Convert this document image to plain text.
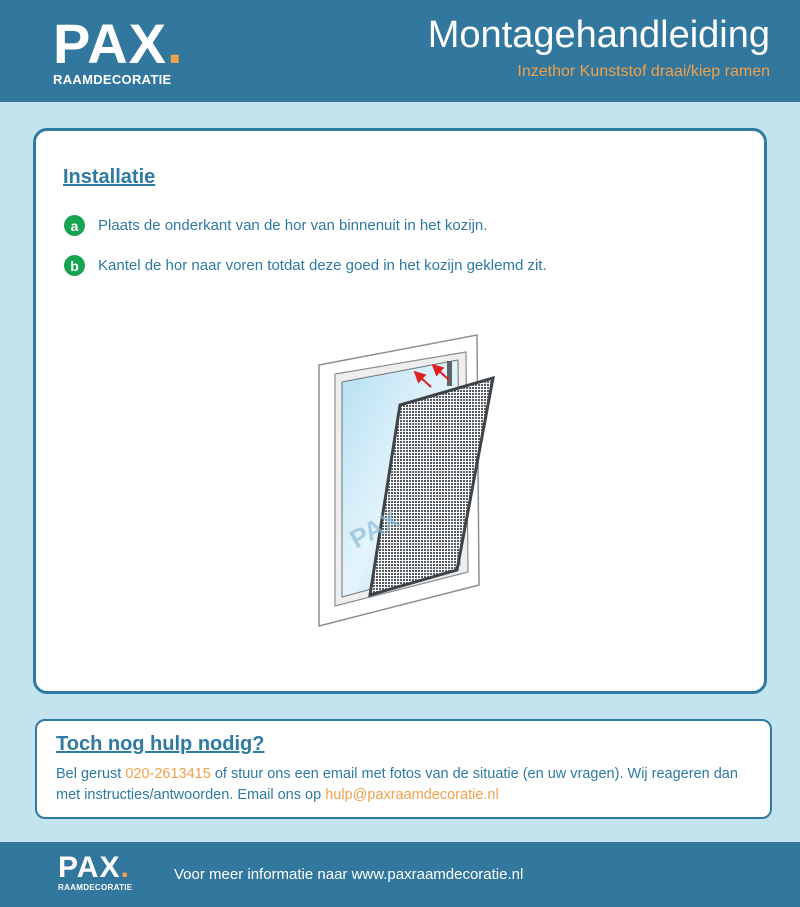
PAX.
RAAMDECORATIE
Montagehandleiding
Inzethor Kunststof draai/kiep ramen
Installatie
a	Plaats de onderkant van de hor van binnenuit in het kozijn.
b	Kantel de hor naar voren totdat deze goed in het kozijn geklemd zit.
PAX
Toch nog hulp nodig?
Bel gerust 020-2613415 of stuur ons een email met fotos van de situatie (en uw vragen). Wij reageren dan met instructies/antwoorden. Email ons op hulp@paxraamdecoratie.nl
PAX.
RAAMDECORATIE
Voor meer informatie naar www.paxraamdecoratie.nl
